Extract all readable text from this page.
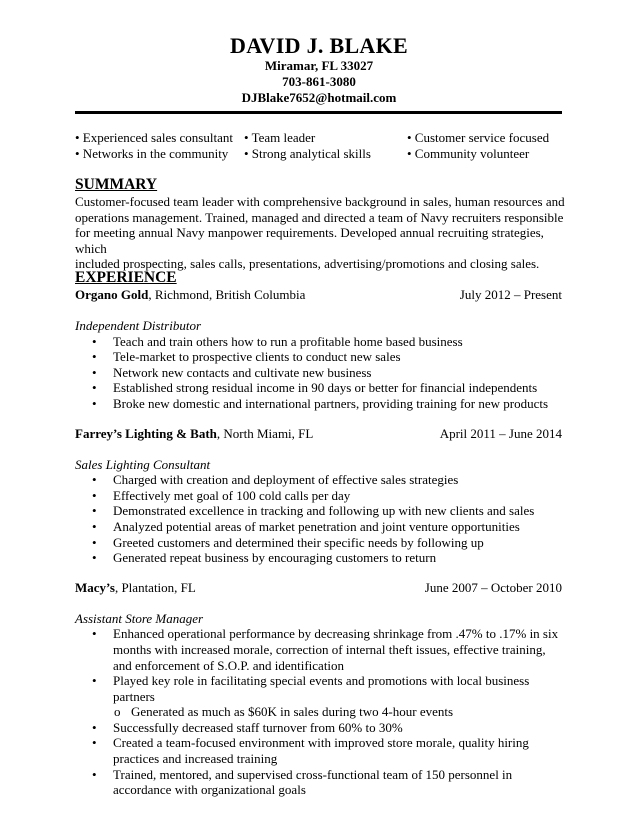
DAVID J. BLAKE
Miramar, FL 33027
703-861-3080
DJBlake7652@hotmail.com
• Experienced sales consultant • Team leader	• Customer service focused
• Networks in the community • Strong analytical skills	• Community volunteer
SUMMARY
Customer-focused team leader with comprehensive background in sales, human resources and
operations management. Trained, managed and directed a team of Navy recruiters responsible
for meeting annual Navy manpower requirements. Developed annual recruiting strategies, which
included prospecting, sales calls, presentations, advertising/promotions and closing sales.
EXPERIENCE
Organo Gold, Richmond, British Columbia	July 2012 – Present
Independent Distributor
• Teach and train others how to run a profitable home based business
• Tele-market to prospective clients to conduct new sales
• Network new contacts and cultivate new business
• Established strong residual income in 90 days or better for financial independents
• Broke new domestic and international partners, providing training for new products
Farrey’s Lighting & Bath, North Miami, FL	April 2011 – June 2014
Sales Lighting Consultant
• Charged with creation and deployment of effective sales strategies
• Effectively met goal of 100 cold calls per day
• Demonstrated excellence in tracking and following up with new clients and sales
• Analyzed potential areas of market penetration and joint venture opportunities
• Greeted customers and determined their specific needs by following up
• Generated repeat business by encouraging customers to return
Macy’s, Plantation, FL	June 2007 – October 2010
Assistant Store Manager
• Enhanced operational performance by decreasing shrinkage from .47% to .17% in six months with increased morale, correction of internal theft issues, effective training, and enforcement of S.O.P. and identification
• Played key role in facilitating special events and promotions with local business partners
o Generated as much as $60K in sales during two 4-hour events
• Successfully decreased staff turnover from 60% to 30%
• Created a team-focused environment with improved store morale, quality hiring practices and increased training
• Trained, mentored, and supervised cross-functional team of 150 personnel in accordance with organizational goals
